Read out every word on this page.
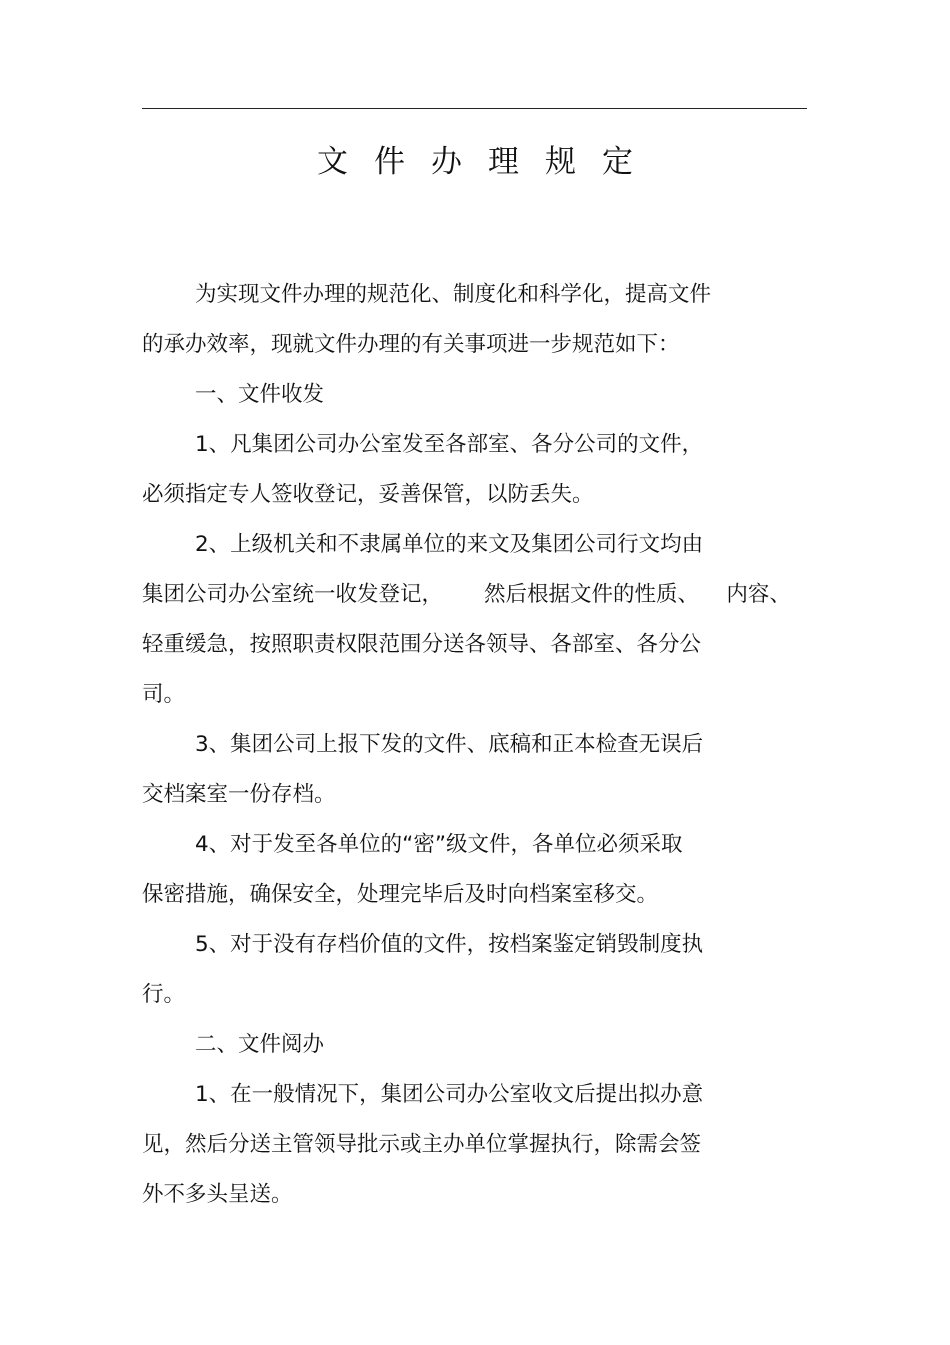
文件办理规定
为实现文件办理的规范化、制度化和科学化，提高文件
的承办效率，现就文件办理的有关事项进一步规范如下：
一、文件收发
1、凡集团公司办公室发至各部室、各分公司的文件，
必须指定专人签收登记，妥善保管，以防丢失。
2、上级机关和不隶属单位的来文及集团公司行文均由
集团公司办公室统一收发登记，      然后根据文件的性质、    内容、
轻重缓急，按照职责权限范围分送各领导、各部室、各分公
司。
3、集团公司上报下发的文件、底稿和正本检查无误后
交档案室一份存档。
4、对于发至各单位的“密”级文件，各单位必须采取
保密措施，确保安全，处理完毕后及时向档案室移交。
5、对于没有存档价值的文件，按档案鉴定销毁制度执
行。
二、文件阅办
1、在一般情况下，集团公司办公室收文后提出拟办意
见，然后分送主管领导批示或主办单位掌握执行，除需会签
外不多头呈送。
